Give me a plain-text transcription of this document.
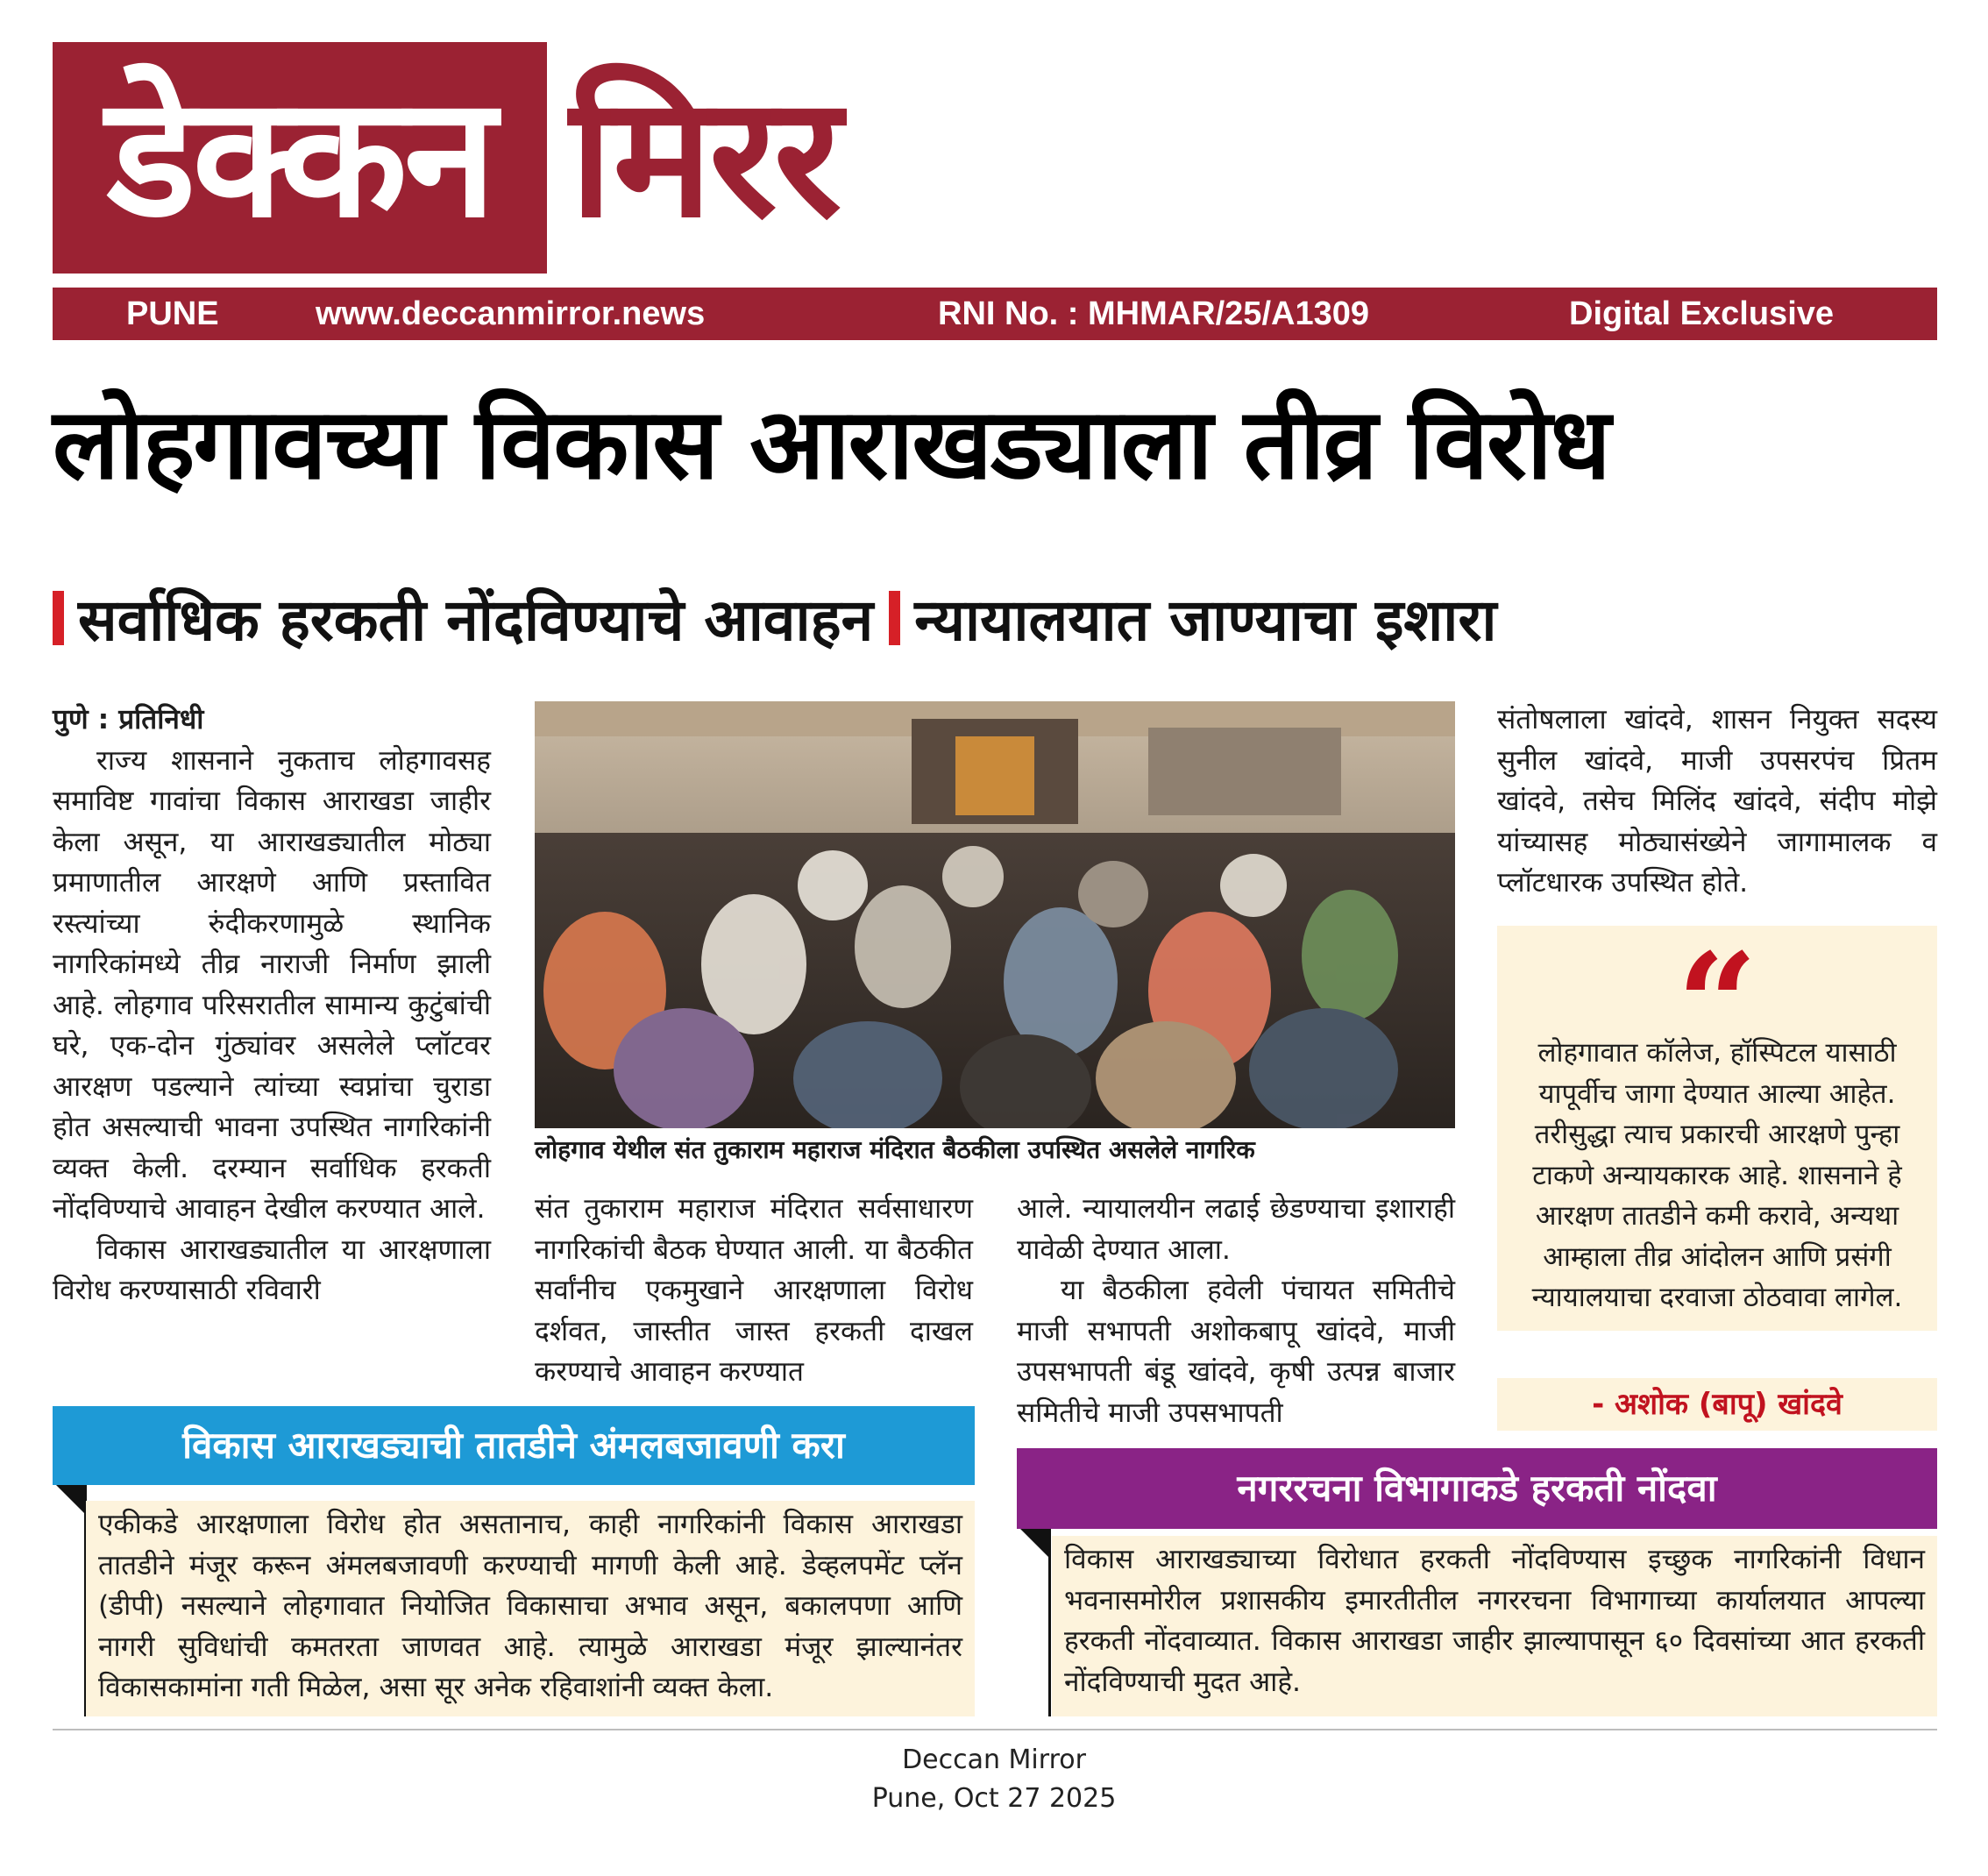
डेक्कन मिरर
PUNE	www.deccanmirror.news	RNI No. : MHMAR/25/A1309	Digital Exclusive
लोहगावच्या विकास आराखड्याला तीव्र विरोध
सर्वाधिक हरकती नोंदविण्याचे आवाहन न्यायालयात जाण्याचा इशारा

पुणे : प्रतिनिधी

राज्य शासनाने नुकताच लोहगावसह समाविष्ट गावांचा विकास आराखडा जाहीर केला असून, या आराखड्यातील मोठ्या प्रमाणातील आरक्षणे आणि प्रस्तावित रस्त्यांच्या रुंदीकरणामुळे स्थानिक नागरिकांमध्ये तीव्र नाराजी निर्माण झाली आहे. लोहगाव परिसरातील सामान्य कुटुंबांची घरे, एक-दोन गुंठ्यांवर असलेले प्लॉटवर आरक्षण पडल्याने त्यांच्या स्वप्नांचा चुराडा होत असल्याची भावना उपस्थित नागरिकांनी व्यक्त केली. दरम्यान सर्वाधिक हरकती नोंदविण्याचे आवाहन देखील करण्यात आले.

विकास आराखड्यातील या आरक्षणाला विरोध करण्यासाठी रविवारी

लोहगाव येथील संत तुकाराम महाराज मंदिरात बैठकीला उपस्थित असलेले नागरिक

संत तुकाराम महाराज मंदिरात सर्वसाधारण नागरिकांची बैठक घेण्यात आली. या बैठकीत सर्वांनीच एकमुखाने आरक्षणाला विरोध दर्शवत, जास्तीत जास्त हरकती दाखल करण्याचे आवाहन करण्यात

आले. न्यायालयीन लढाई छेडण्याचा इशाराही यावेळी देण्यात आला.

या बैठकीला हवेली पंचायत समितीचे माजी सभापती अशोकबापू खांदवे, माजी उपसभापती बंडू खांदवे, कृषी उत्पन्न बाजार समितीचे माजी उपसभापती

संतोषलाला खांदवे, शासन नियुक्त सदस्य सुनील खांदवे, माजी उपसरपंच प्रितम खांदवे, तसेच मिलिंद खांदवे, संदीप मोझे यांच्यासह मोठ्यासंख्येने जागामालक व प्लॉटधारक उपस्थित होते.

“
लोहगावात कॉलेज, हॉस्पिटल यासाठी यापूर्वीच जागा देण्यात आल्या आहेत. तरीसुद्धा त्याच प्रकारची आरक्षणे पुन्हा टाकणे अन्यायकारक आहे. शासनाने हे आरक्षण तातडीने कमी करावे, अन्यथा आम्हाला तीव्र आंदोलन आणि प्रसंगी न्यायालयाचा दरवाजा ठोठवावा लागेल.
- अशोक (बापू) खांदवे
विकास आराखड्याची तातडीने अंमलबजावणी करा
एकीकडे आरक्षणाला विरोध होत असतानाच, काही नागरिकांनी विकास आराखडा तातडीने मंजूर करून अंमलबजावणी करण्याची मागणी केली आहे. डेव्हलपमेंट प्लॅन (डीपी) नसल्याने लोहगावात नियोजित विकासाचा अभाव असून, बकालपणा आणि नागरी सुविधांची कमतरता जाणवत आहे. त्यामुळे आराखडा मंजूर झाल्यानंतर विकासकामांना गती मिळेल, असा सूर अनेक रहिवाशांनी व्यक्त केला.
नगररचना विभागाकडे हरकती नोंदवा
विकास आराखड्याच्या विरोधात हरकती नोंदविण्यास इच्छुक नागरिकांनी विधान भवनासमोरील प्रशासकीय इमारतीतील नगररचना विभागाच्या कार्यालयात आपल्या हरकती नोंदवाव्यात. विकास आराखडा जाहीर झाल्यापासून ६० दिवसांच्या आत हरकती नोंदविण्याची मुदत आहे.
Deccan Mirror
Pune, Oct 27 2025
